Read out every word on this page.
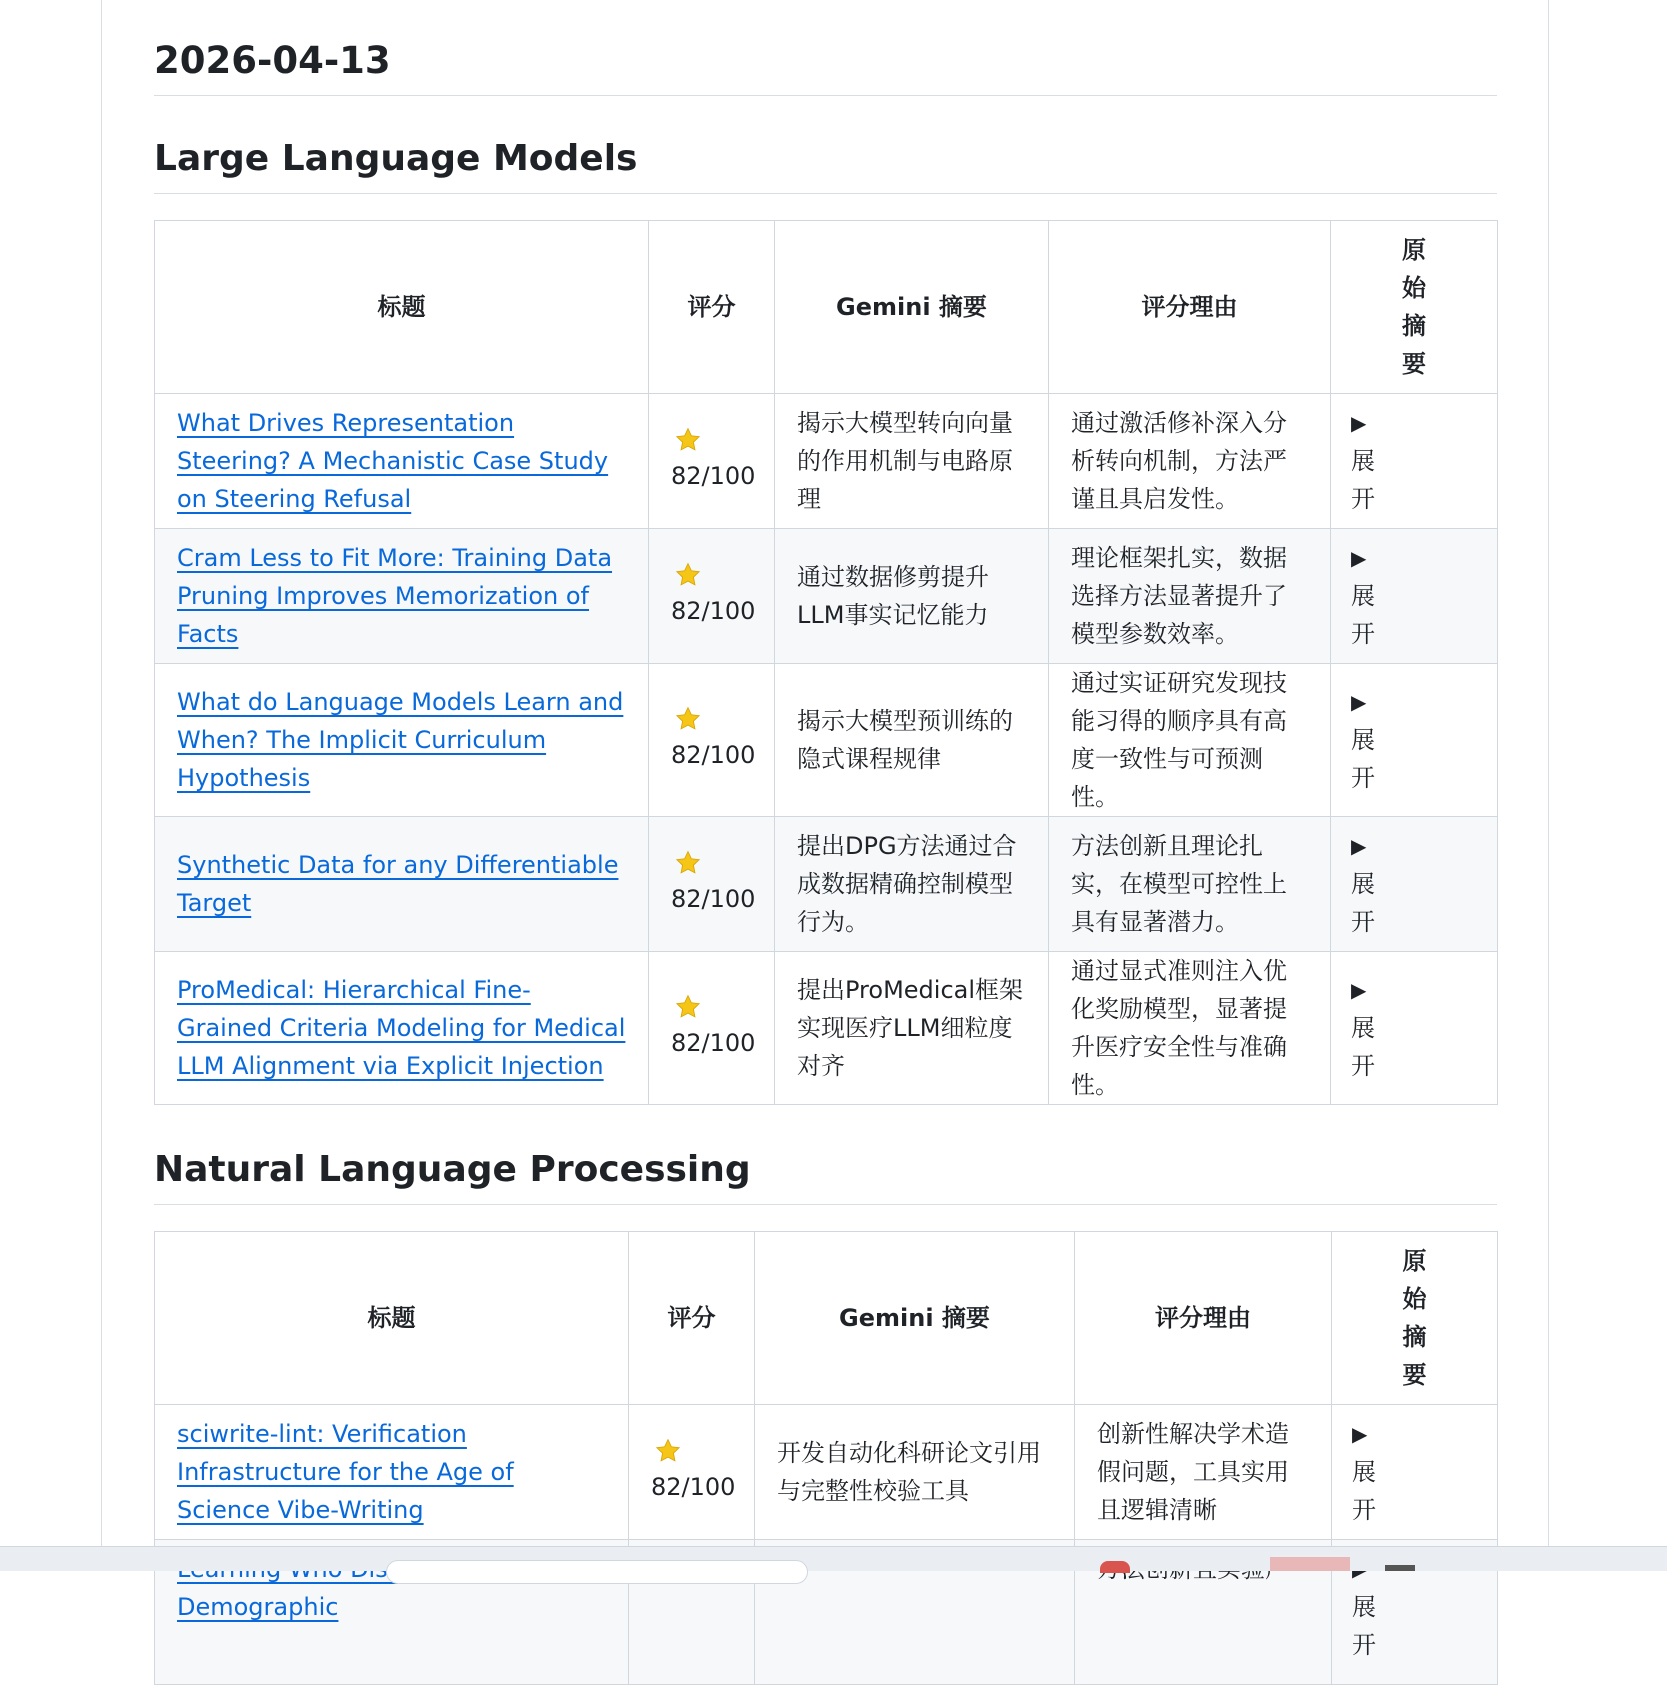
2026-04-13
Large Language Models
标题	评分	Gemini 摘要	评分理由	原始摘要

What Drives Representation Steering? A Mechanistic Case Study on Steering Refusal	82/100	揭示大模型转向向量的作用机制与电路原理	通过激活修补深入分析转向机制，方法严谨且具启发性。	▶
展开

Cram Less to Fit More: Training Data Pruning Improves Memorization of Facts	82/100	通过数据修剪提升LLM事实记忆能力	理论框架扎实，数据选择方法显著提升了模型参数效率。	▶
展开

What do Language Models Learn and When? The Implicit Curriculum Hypothesis	82/100	揭示大模型预训练的隐式课程规律	通过实证研究发现技能习得的顺序具有高度一致性与可预测性。	▶
展开

Synthetic Data for any Differentiable Target	82/100	提出DPG方法通过合成数据精确控制模型行为。	方法创新且理论扎实，在模型可控性上具有显著潜力。	▶
展开

ProMedical: Hierarchical Fine-Grained Criteria Modeling for Medical LLM Alignment via Explicit Injection	82/100	提出ProMedical框架实现医疗LLM细粒度对齐	通过显式准则注入优化奖励模型，显著提升医疗安全性与准确性。	▶
展开
Natural Language Processing
标题	评分	Gemini 摘要	评分理由	原始摘要

sciwrite-lint: Verification Infrastructure for the Age of Science Vibe-Writing	82/100	开发自动化科研论文引用与完整性校验工具	创新性解决学术造假问题，工具实用且逻辑清晰	▶
展开

Demographic				展开
